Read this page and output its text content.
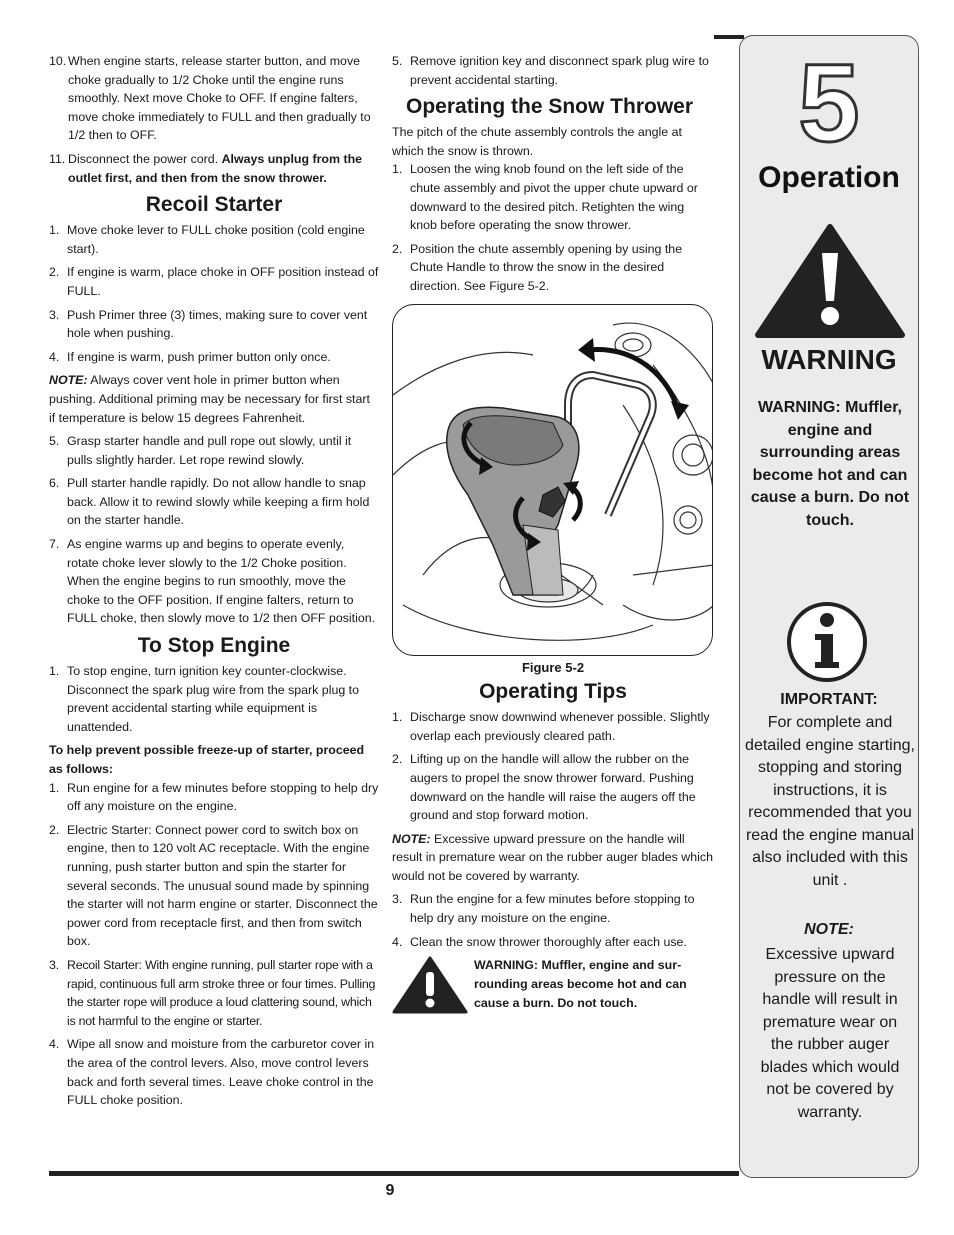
10. When engine starts, release starter button, and move choke gradually to 1/2 Choke until the engine runs smoothly. Next move Choke to OFF. If engine falters, move choke immediately to FULL and then gradually to 1/2 then to OFF.
11. Disconnect the power cord. Always unplug from the outlet first, and then from the snow thrower.
Recoil Starter
1. Move choke lever to FULL choke position (cold engine start).
2. If engine is warm, place choke in OFF position instead of FULL.
3. Push Primer three (3) times, making sure to cover vent hole when pushing.
4. If engine is warm, push primer button only once.

NOTE: Always cover vent hole in primer button when pushing. Additional priming may be necessary for first start if temperature is below 15 degrees Fahrenheit.

5. Grasp starter handle and pull rope out slowly, until it pulls slightly harder. Let rope rewind slowly.
6. Pull starter handle rapidly. Do not allow handle to snap back. Allow it to rewind slowly while keeping a firm hold on the starter handle.
7. As engine warms up and begins to operate evenly, rotate choke lever slowly to the 1/2 Choke position. When the engine begins to run smoothly, move the choke to the OFF position. If engine falters, return to FULL choke, then slowly move to 1/2 then OFF position.
To Stop Engine
1. To stop engine, turn ignition key counter-clockwise. Disconnect the spark plug wire from the spark plug to prevent accidental starting while equipment is unattended.

To help prevent possible freeze-up of starter, proceed as follows:

1. Run engine for a few minutes before stopping to help dry off any moisture on the engine.
2. Electric Starter: Connect power cord to switch box on engine, then to 120 volt AC receptacle. With the engine running, push starter button and spin the starter for several seconds. The unusual sound made by spinning the starter will not harm engine or starter. Disconnect the power cord from receptacle first, and then from switch box.
3. Recoil Starter: With engine running, pull starter rope with a rapid, continuous full arm stroke three or four times. Pulling the starter rope will produce a loud clattering sound, which is not harmful to the engine or starter.
4. Wipe all snow and moisture from the carburetor cover in the area of the control levers. Also, move control levers back and forth several times. Leave choke control in the FULL choke position.
5. Remove ignition key and disconnect spark plug wire to prevent accidental starting.
Operating the Snow Thrower

The pitch of the chute assembly controls the angle at which the snow is thrown.

1. Loosen the wing knob found on the left side of the chute assembly and pivot the upper chute upward or downward to the desired pitch. Retighten the wing knob before operating the snow thrower.
2. Position the chute assembly opening by using the Chute Handle to throw the snow in the desired direction. See Figure 5-2.
Figure 5-2
Operating Tips
1. Discharge snow downwind whenever possible. Slightly overlap each previously cleared path.
2. Lifting up on the handle will allow the rubber on the augers to propel the snow thrower forward. Pushing downward on the handle will raise the augers off the ground and stop forward motion.

NOTE: Excessive upward pressure on the handle will result in premature wear on the rubber auger blades which would not be covered by warranty.

3. Run the engine for a few minutes before stopping to help dry any moisture on the engine.
4. Clean the snow thrower thoroughly after each use.
WARNING: Muffler, engine and sur-rounding areas become hot and can cause a burn. Do not touch.
5
Operation
WARNING
WARNING: Muffler, engine and surrounding areas become hot and can cause a burn. Do not touch.
IMPORTANT:
For complete and detailed engine starting, stopping and storing instructions, it is recommended that you read the engine manual also included with this unit .
NOTE:
Excessive upward pressure on the handle will result in premature wear on the rubber auger blades which would not be covered by warranty.
9
